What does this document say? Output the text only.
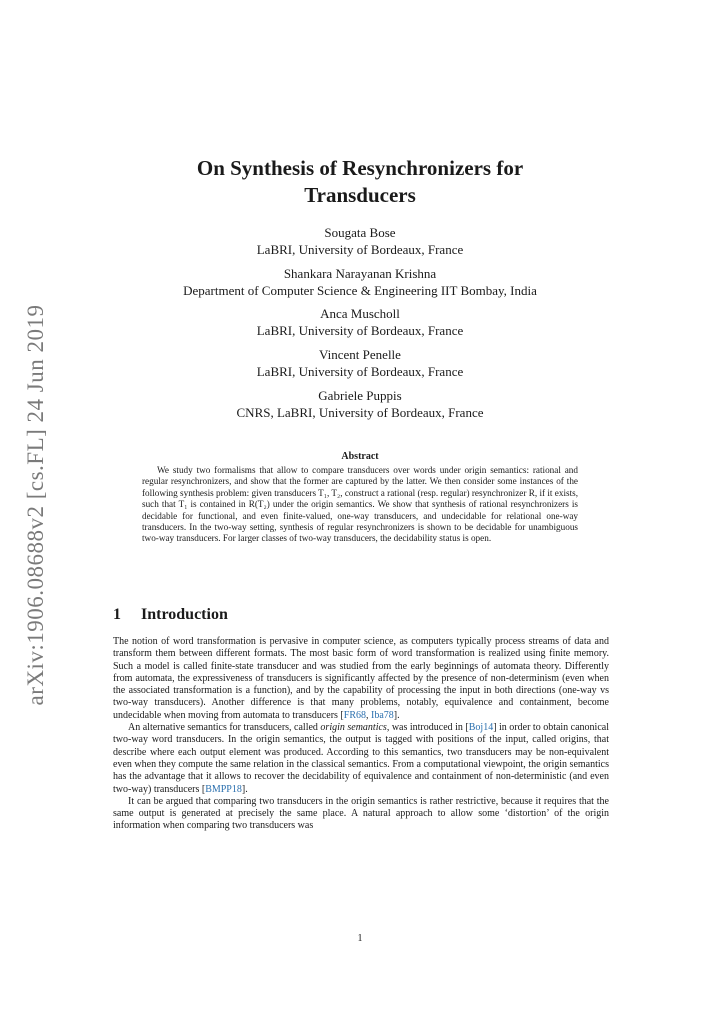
arXiv:1906.08688v2 [cs.FL] 24 Jun 2019
On Synthesis of Resynchronizers for Transducers
Sougata Bose
LaBRI, University of Bordeaux, France
Shankara Narayanan Krishna
Department of Computer Science & Engineering IIT Bombay, India
Anca Muscholl
LaBRI, University of Bordeaux, France
Vincent Penelle
LaBRI, University of Bordeaux, France
Gabriele Puppis
CNRS, LaBRI, University of Bordeaux, France
Abstract
We study two formalisms that allow to compare transducers over words under origin semantics: rational and regular resynchronizers, and show that the former are captured by the latter. We then consider some instances of the following synthesis problem: given transducers T₁, T₂, construct a rational (resp. regular) resynchronizer R, if it exists, such that T₁ is contained in R(T₂) under the origin semantics. We show that synthesis of rational resynchronizers is decidable for functional, and even finite-valued, one-way transducers, and undecidable for relational one-way transducers. In the two-way setting, synthesis of regular resynchronizers is shown to be decidable for unambiguous two-way transducers. For larger classes of two-way transducers, the decidability status is open.
1 Introduction

The notion of word transformation is pervasive in computer science, as computers typically process streams of data and transform them between different formats. The most basic form of word transformation is realized using finite memory. Such a model is called finite-state transducer and was studied from the early beginnings of automata theory. Differently from automata, the expressiveness of transducers is significantly affected by the presence of non-determinism (even when the associated transformation is a function), and by the capability of processing the input in both directions (one-way vs two-way transducers). Another difference is that many problems, notably, equivalence and containment, become undecidable when moving from automata to transducers [FR68, Iba78].

An alternative semantics for transducers, called origin semantics, was introduced in [Boj14] in order to obtain canonical two-way word transducers. In the origin semantics, the output is tagged with positions of the input, called origins, that describe where each output element was produced. According to this semantics, two transducers may be non-equivalent even when they compute the same relation in the classical semantics. From a computational viewpoint, the origin semantics has the advantage that it allows to recover the decidability of equivalence and containment of non-deterministic (and even two-way) transducers [BMPP18].

It can be argued that comparing two transducers in the origin semantics is rather restrictive, because it requires that the same output is generated at precisely the same place. A natural approach to allow some ‘distortion’ of the origin information when comparing two transducers was

1
